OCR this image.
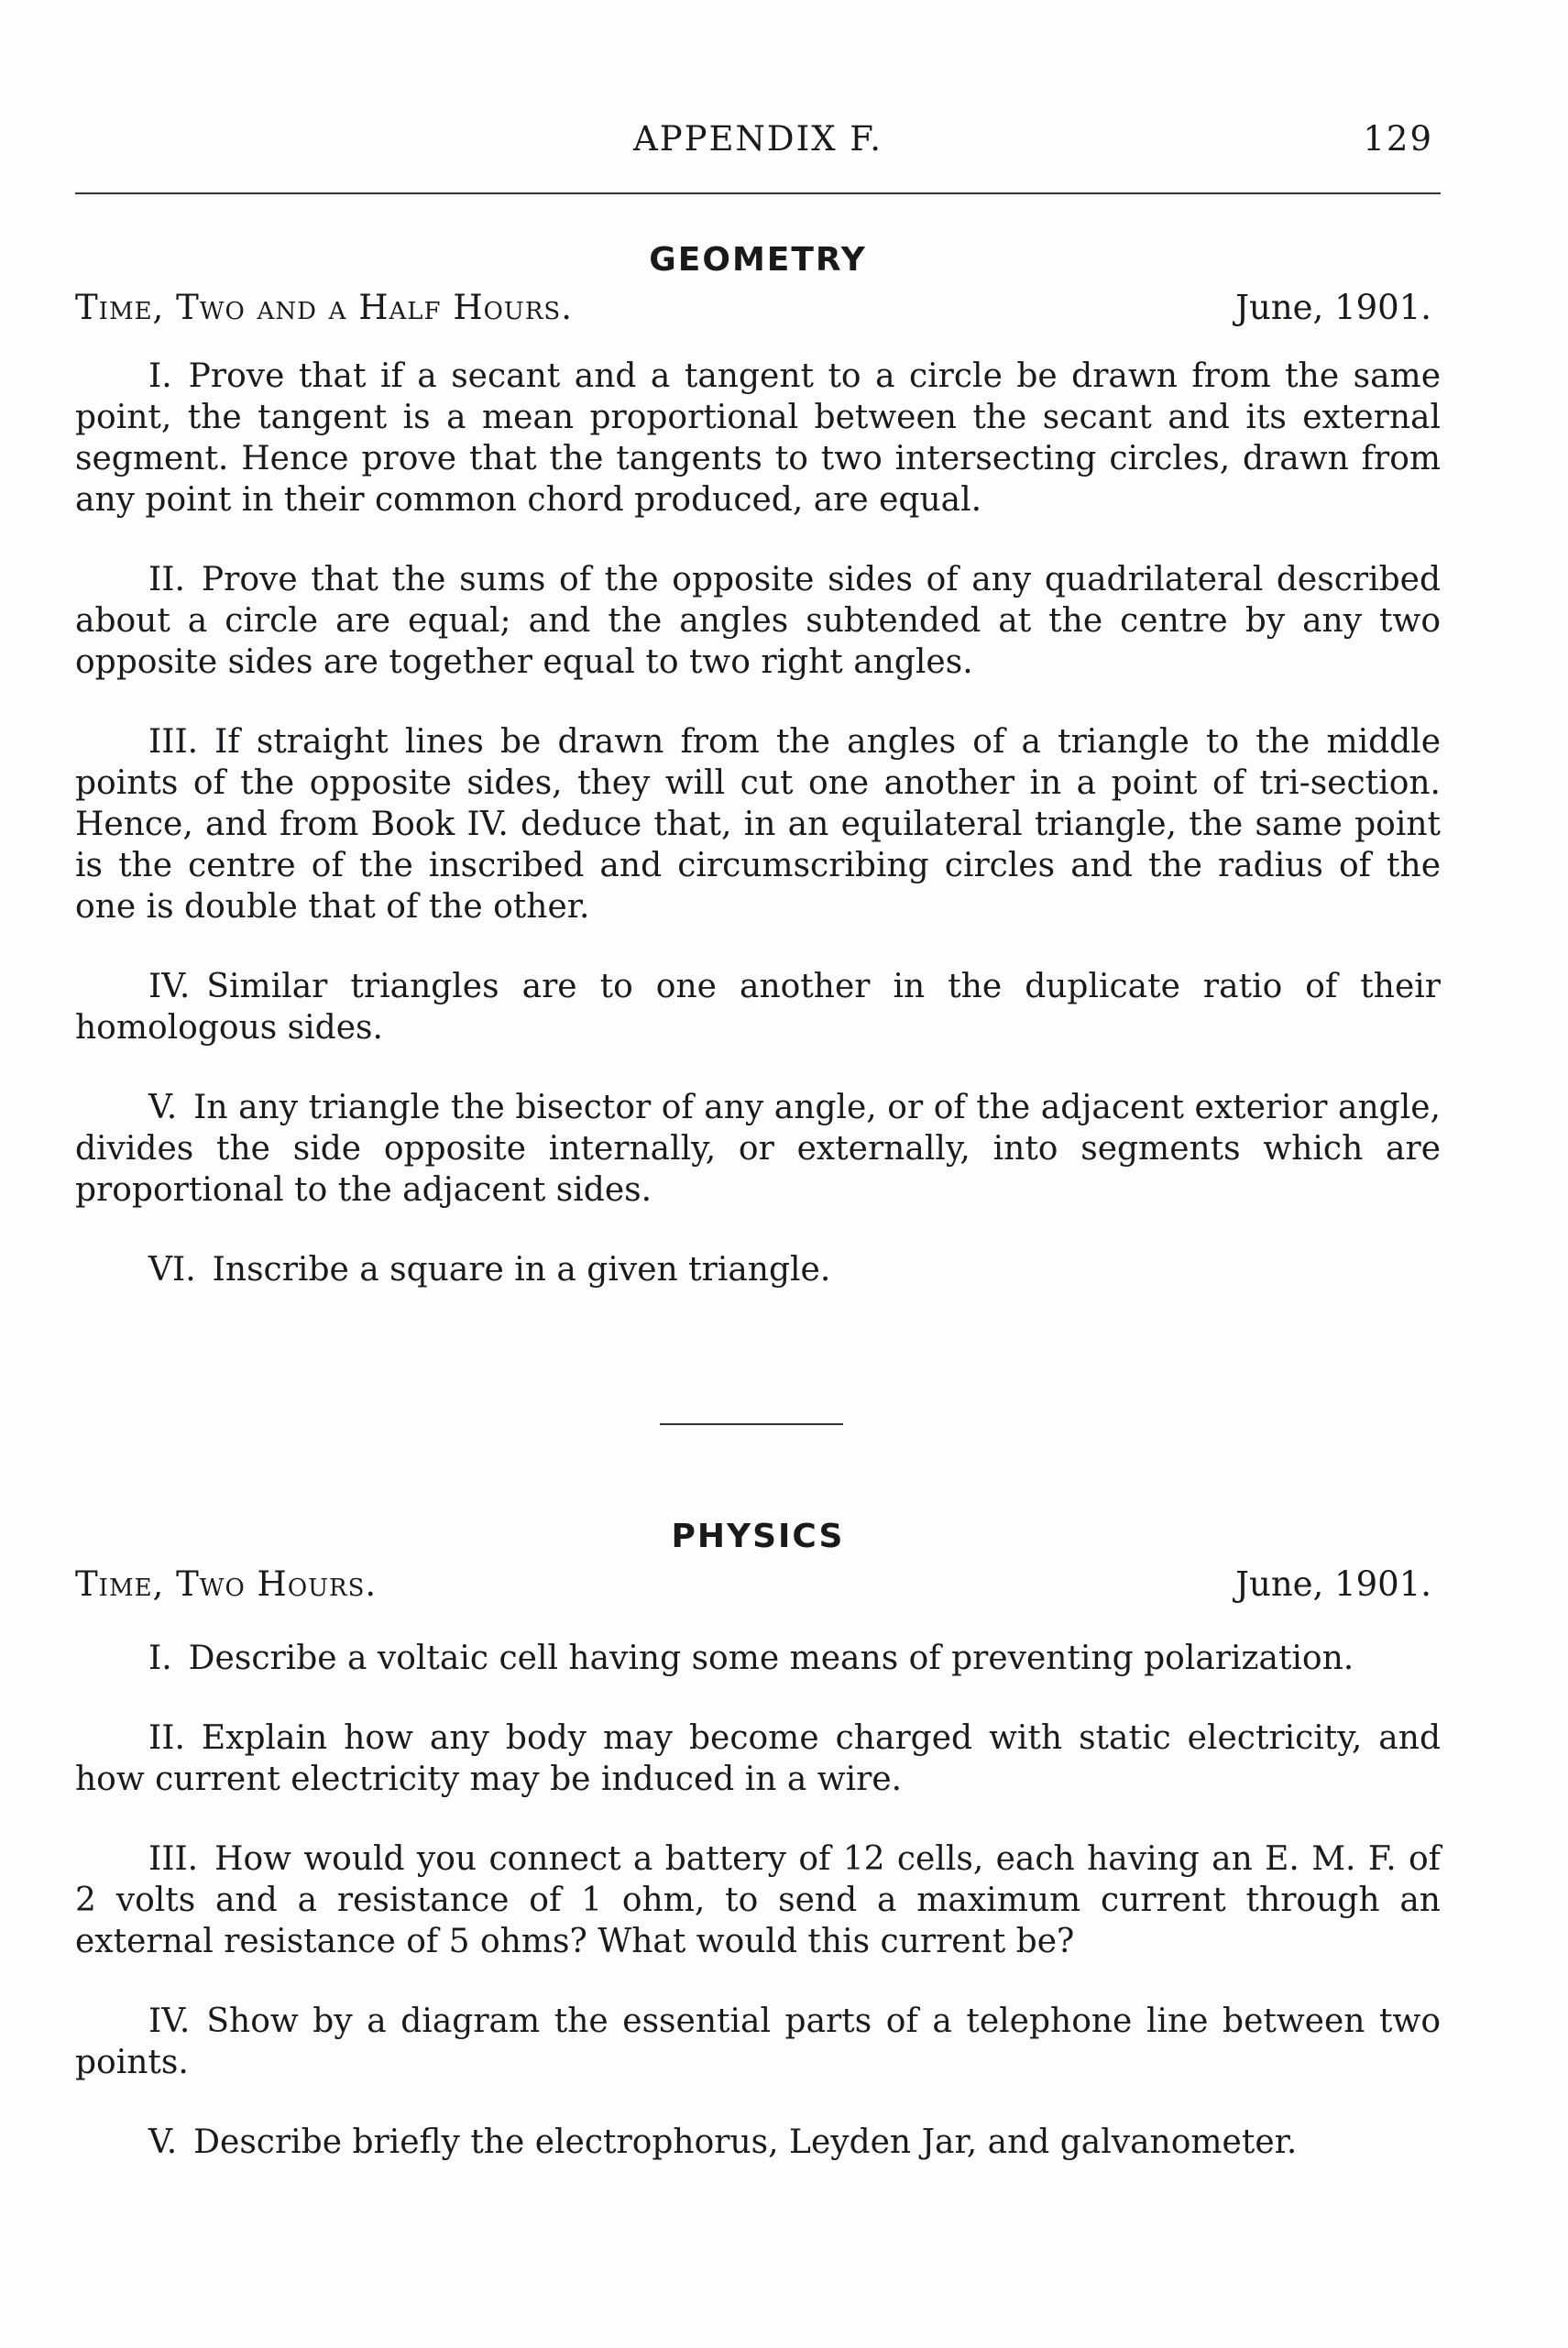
APPENDIX F.	129
GEOMETRY
Time, Two and a Half Hours.	June, 1901.

I. Prove that if a secant and a tangent to a circle be drawn from the same point, the tangent is a mean proportional between the secant and its external segment. Hence prove that the tangents to two intersecting circles, drawn from any point in their common chord produced, are equal.

II. Prove that the sums of the opposite sides of any quadrilateral described about a circle are equal; and the angles subtended at the centre by any two opposite sides are together equal to two right angles.

III. If straight lines be drawn from the angles of a triangle to the middle points of the opposite sides, they will cut one another in a point of tri-section. Hence, and from Book IV. deduce that, in an equilateral triangle, the same point is the centre of the inscribed and circumscribing circles and the radius of the one is double that of the other.

IV. Similar triangles are to one another in the duplicate ratio of their homologous sides.

V. In any triangle the bisector of any angle, or of the adjacent exterior angle, divides the side opposite internally, or externally, into segments which are proportional to the adjacent sides.

VI. Inscribe a square in a given triangle.

PHYSICS
Time, Two Hours.	June, 1901.

I. Describe a voltaic cell having some means of preventing polarization.

II. Explain how any body may become charged with static electricity, and how current electricity may be induced in a wire.

III. How would you connect a battery of 12 cells, each having an E. M. F. of 2 volts and a resistance of 1 ohm, to send a maximum current through an external resistance of 5 ohms? What would this current be?

IV. Show by a diagram the essential parts of a telephone line between two points.

V. Describe briefly the electrophorus, Leyden Jar, and galvanometer.
